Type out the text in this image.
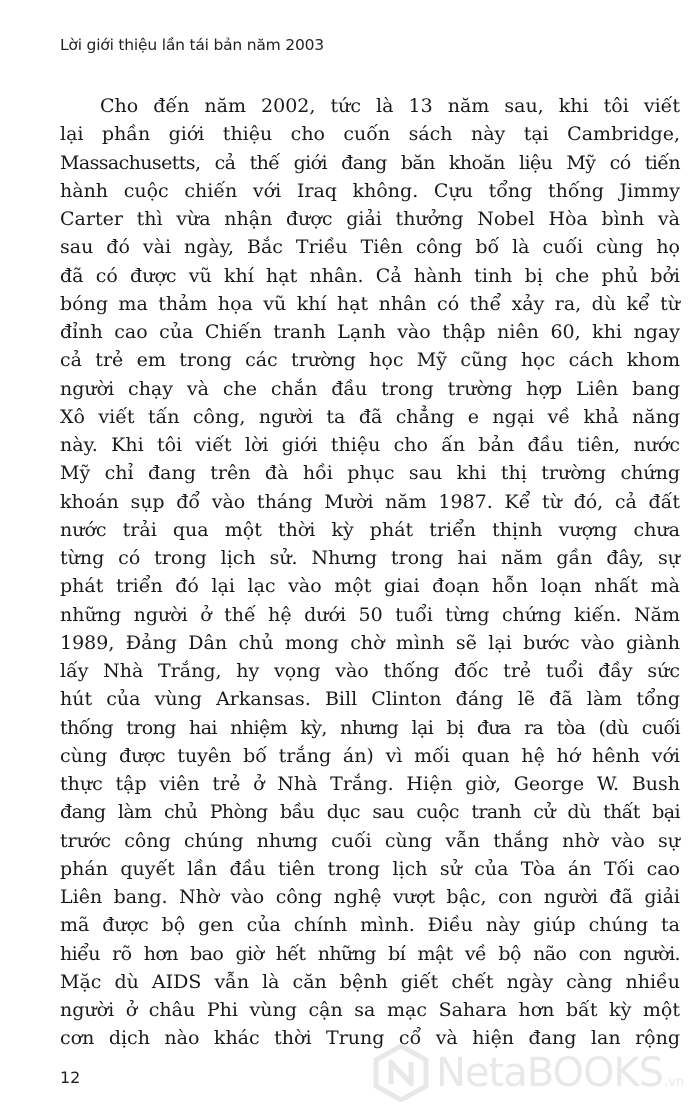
Lời giới thiệu lần tái bản năm 2003
Cho đến năm 2002, tức là 13 năm sau, khi tôi viết
lại phần giới thiệu cho cuốn sách này tại Cambridge,
Massachusetts, cả thế giới đang băn khoăn liệu Mỹ có tiến
hành cuộc chiến với Iraq không. Cựu tổng thống Jimmy
Carter thì vừa nhận được giải thưởng Nobel Hòa bình và
sau đó vài ngày, Bắc Triều Tiên công bố là cuối cùng họ
đã có được vũ khí hạt nhân. Cả hành tinh bị che phủ bởi
bóng ma thảm họa vũ khí hạt nhân có thể xảy ra, dù kể từ
đỉnh cao của Chiến tranh Lạnh vào thập niên 60, khi ngay
cả trẻ em trong các trường học Mỹ cũng học cách khom
người chạy và che chắn đầu trong trường hợp Liên bang
Xô viết tấn công, người ta đã chẳng e ngại về khả năng
này. Khi tôi viết lời giới thiệu cho ấn bản đầu tiên, nước
Mỹ chỉ đang trên đà hồi phục sau khi thị trường chứng
khoán sụp đổ vào tháng Mười năm 1987. Kể từ đó, cả đất
nước trải qua một thời kỳ phát triển thịnh vượng chưa
từng có trong lịch sử. Nhưng trong hai năm gần đây, sự
phát triển đó lại lạc vào một giai đoạn hỗn loạn nhất mà
những người ở thế hệ dưới 50 tuổi từng chứng kiến. Năm
1989, Đảng Dân chủ mong chờ mình sẽ lại bước vào giành
lấy Nhà Trắng, hy vọng vào thống đốc trẻ tuổi đầy sức
hút của vùng Arkansas. Bill Clinton đáng lẽ đã làm tổng
thống trong hai nhiệm kỳ, nhưng lại bị đưa ra tòa (dù cuối
cùng được tuyên bố trắng án) vì mối quan hệ hớ hênh với
thực tập viên trẻ ở Nhà Trắng. Hiện giờ, George W. Bush
đang làm chủ Phòng bầu dục sau cuộc tranh cử dù thất bại
trước công chúng nhưng cuối cùng vẫn thắng nhờ vào sự
phán quyết lần đầu tiên trong lịch sử của Tòa án Tối cao
Liên bang. Nhờ vào công nghệ vượt bậc, con người đã giải
mã được bộ gen của chính mình. Điều này giúp chúng ta
hiểu rõ hơn bao giờ hết những bí mật về bộ não con người.
Mặc dù AIDS vẫn là căn bệnh giết chết ngày càng nhiều
người ở châu Phi vùng cận sa mạc Sahara hơn bất kỳ một
cơn dịch nào khác thời Trung cổ và hiện đang lan rộng
12	NetaBOOKS .vn
